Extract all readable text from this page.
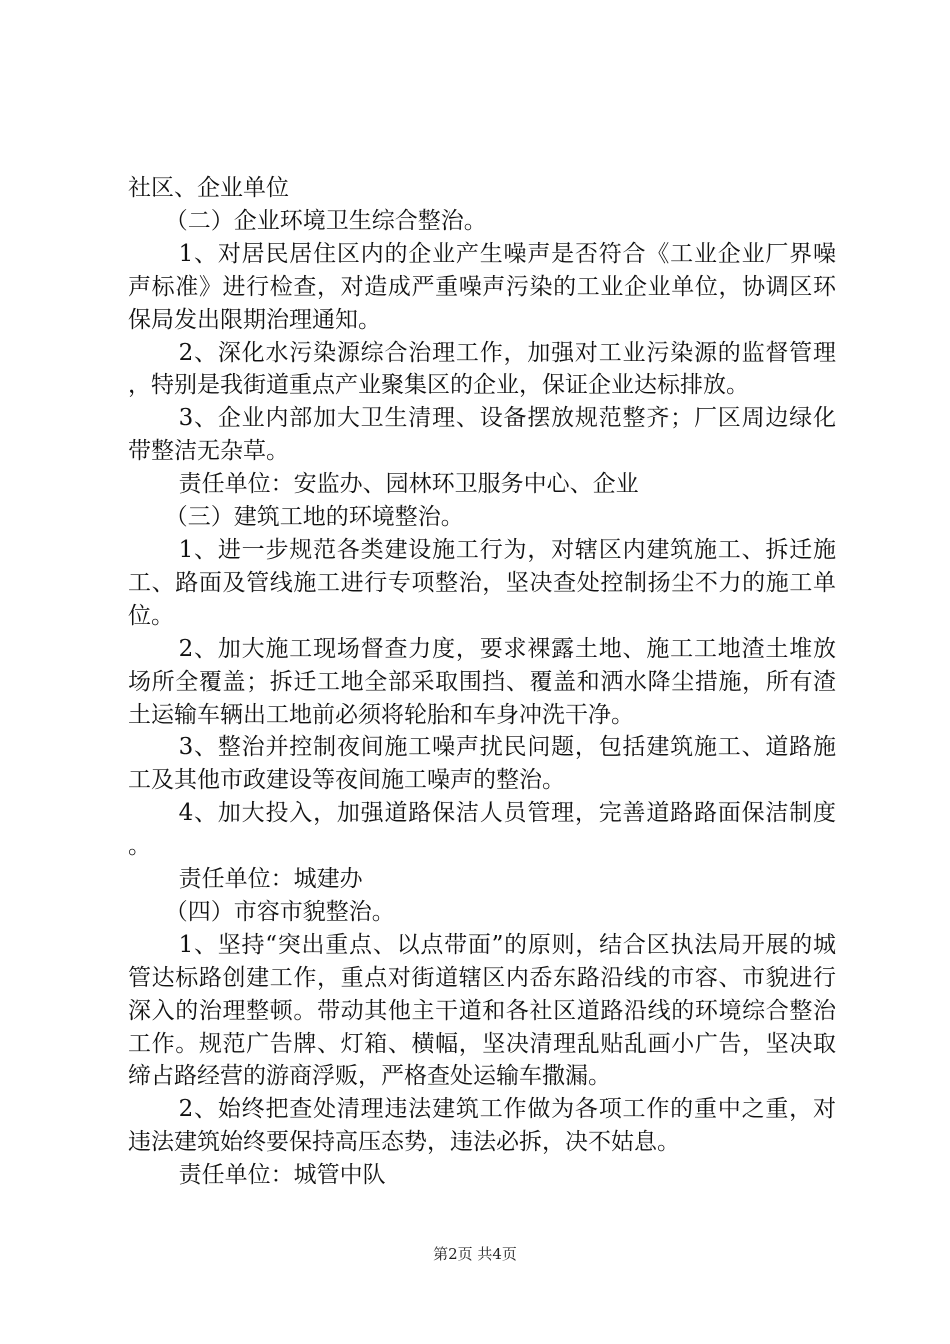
社区、企业单位

（二）企业环境卫生综合整治。

1、对居民居住区内的企业产生噪声是否符合《工业企业厂界噪声标准》进行检查，对造成严重噪声污染的工业企业单位，协调区环保局发出限期治理通知。

2、深化水污染源综合治理工作，加强对工业污染源的监督管理，特别是我街道重点产业聚集区的企业，保证企业达标排放。

3、企业内部加大卫生清理、设备摆放规范整齐；厂区周边绿化带整洁无杂草。

责任单位：安监办、园林环卫服务中心、企业

（三）建筑工地的环境整治。

1、进一步规范各类建设施工行为，对辖区内建筑施工、拆迁施工、路面及管线施工进行专项整治，坚决查处控制扬尘不力的施工单位。

2、加大施工现场督查力度，要求裸露土地、施工工地渣土堆放场所全覆盖；拆迁工地全部采取围挡、覆盖和洒水降尘措施，所有渣土运输车辆出工地前必须将轮胎和车身冲洗干净。

3、整治并控制夜间施工噪声扰民问题，包括建筑施工、道路施工及其他市政建设等夜间施工噪声的整治。

4、加大投入，加强道路保洁人员管理，完善道路路面保洁制度。

责任单位：城建办

（四）市容市貌整治。

1、坚持“突出重点、以点带面”的原则，结合区执法局开展的城管达标路创建工作，重点对街道辖区内岙东路沿线的市容、市貌进行深入的治理整顿。带动其他主干道和各社区道路沿线的环境综合整治工作。规范广告牌、灯箱、横幅，坚决清理乱贴乱画小广告，坚决取缔占路经营的游商浮贩，严格查处运输车撒漏。

2、始终把查处清理违法建筑工作做为各项工作的重中之重，对违法建筑始终要保持高压态势，违法必拆，决不姑息。

责任单位：城管中队

第2页 共4页
